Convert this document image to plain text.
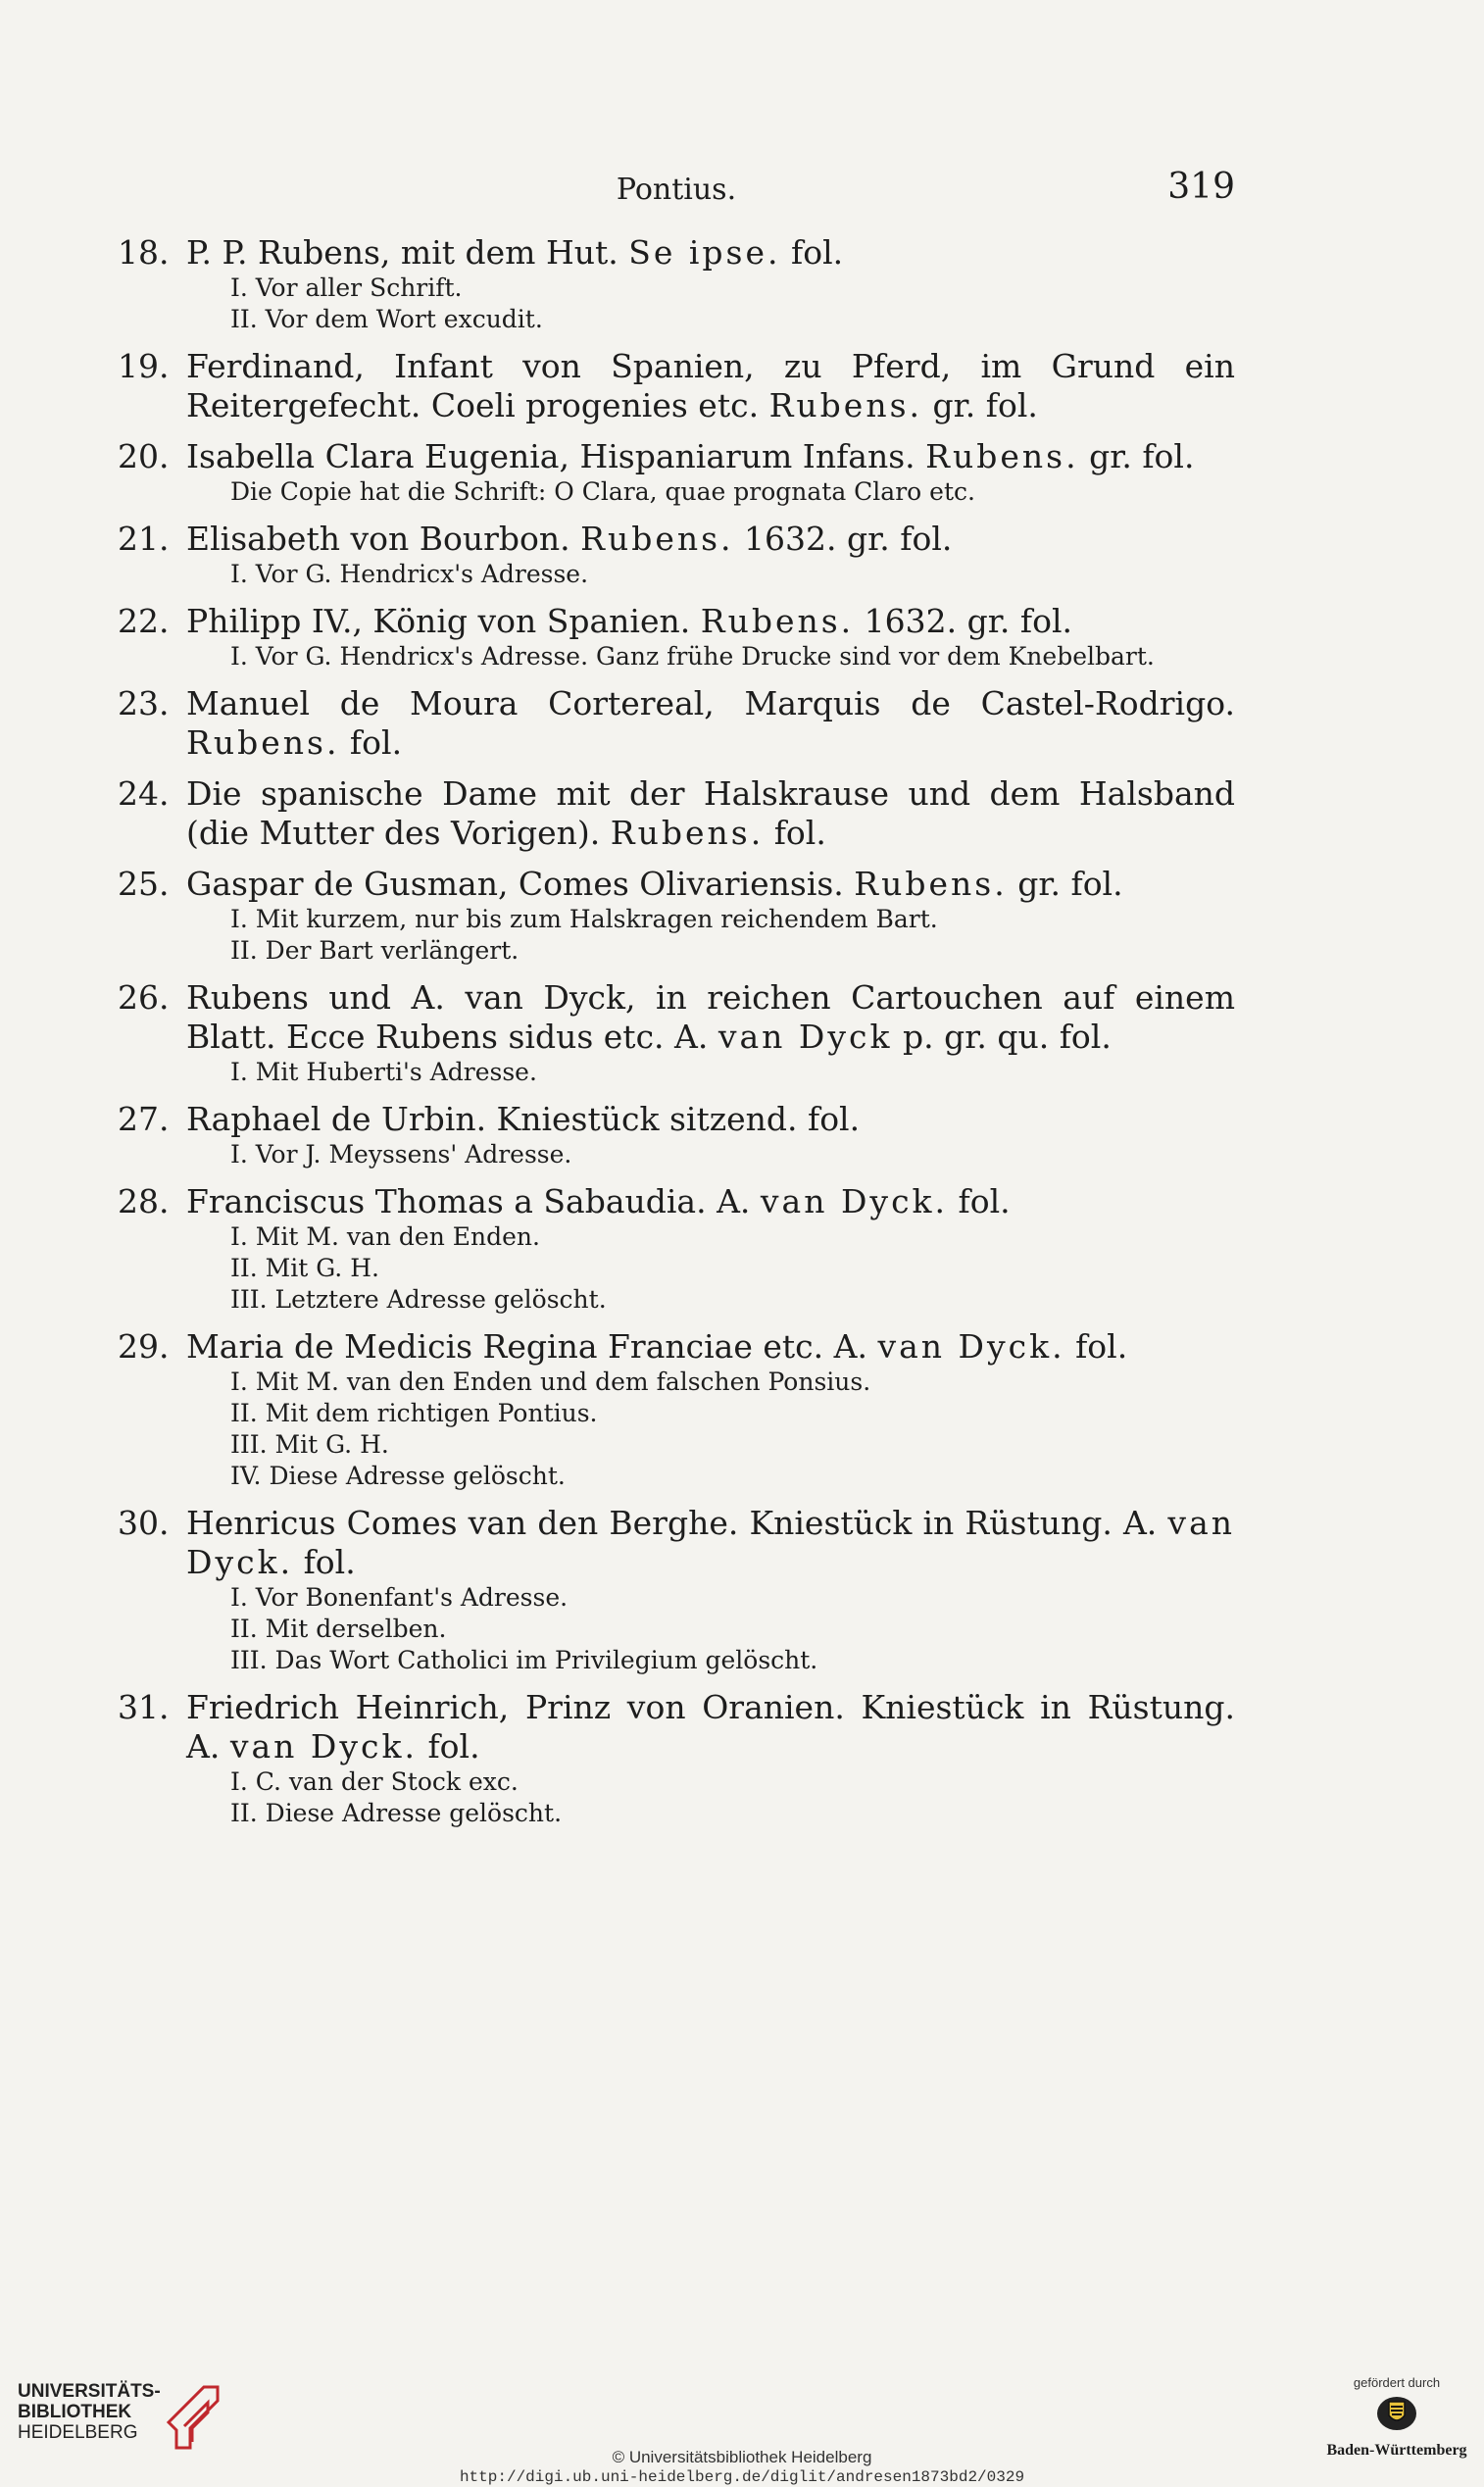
Pontius.	319
18. P. P. Rubens, mit dem Hut. Se ipse. fol.
I. Vor aller Schrift.
II. Vor dem Wort excudit.
19. Ferdinand, Infant von Spanien, zu Pferd, im Grund ein Reitergefecht. Coeli progenies etc. Rubens. gr. fol.
20. Isabella Clara Eugenia, Hispaniarum Infans. Rubens. gr. fol.
Die Copie hat die Schrift: O Clara, quae prognata Claro etc.
21. Elisabeth von Bourbon. Rubens. 1632. gr. fol.
I. Vor G. Hendricx's Adresse.
22. Philipp IV., König von Spanien. Rubens. 1632. gr. fol.
I. Vor G. Hendricx's Adresse. Ganz frühe Drucke sind vor dem Knebelbart.
23. Manuel de Moura Cortereal, Marquis de Castel-Rodrigo. Rubens. fol.
24. Die spanische Dame mit der Halskrause und dem Halsband (die Mutter des Vorigen). Rubens. fol.
25. Gaspar de Gusman, Comes Olivariensis. Rubens. gr. fol.
I. Mit kurzem, nur bis zum Halskragen reichendem Bart.
II. Der Bart verlängert.
26. Rubens und A. van Dyck, in reichen Cartouchen auf einem Blatt. Ecce Rubens sidus etc. A. van Dyck p. gr. qu. fol.
I. Mit Huberti's Adresse.
27. Raphael de Urbin. Kniestück sitzend. fol.
I. Vor J. Meyssens' Adresse.
28. Franciscus Thomas a Sabaudia. A. van Dyck. fol.
I. Mit M. van den Enden.
II. Mit G. H.
III. Letztere Adresse gelöscht.
29. Maria de Medicis Regina Franciae etc. A. van Dyck. fol.
I. Mit M. van den Enden und dem falschen Ponsius.
II. Mit dem richtigen Pontius.
III. Mit G. H.
IV. Diese Adresse gelöscht.
30. Henricus Comes van den Berghe. Kniestück in Rüstung. A. van Dyck. fol.
I. Vor Bonenfant's Adresse.
II. Mit derselben.
III. Das Wort Catholici im Privilegium gelöscht.
31. Friedrich Heinrich, Prinz von Oranien. Kniestück in Rüstung. A. van Dyck. fol.
I. C. van der Stock exc.
II. Diese Adresse gelöscht.
UNIVERSITÄTS-
BIBLIOTHEK
HEIDELBERG
© Universitätsbibliothek Heidelberg
http://digi.ub.uni-heidelberg.de/diglit/andresen1873bd2/0329
gefördert durch
Baden-Württemberg
